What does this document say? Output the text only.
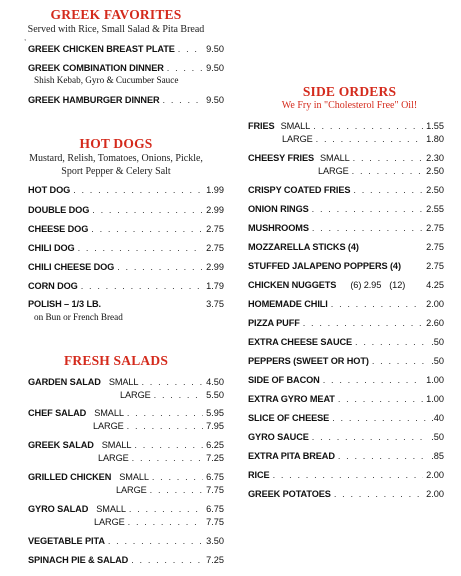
GREEK FAVORITES
Served with Rice, Small Salad & Pita Bread
,
GREEK CHICKEN BREAST PLATE . . .	9.50
GREEK COMBINATION DINNER . . .	9.50
Shish Kebab, Gyro & Cucumber Sauce
GREEK HAMBURGER DINNER . . .	9.50
HOT DOGS
Mustard, Relish, Tomatoes, Onions, Pickle,
Sport Pepper & Celery Salt
HOT DOG . . .	1.99
DOUBLE DOG . . .	2.99
CHEESE DOG . . .	2.75
CHILI DOG . . .	2.75
CHILI CHEESE DOG . . .	2.99
CORN DOG . . .	1.79
POLISH – 1/3 LB.	3.75
on Bun or French Bread
FRESH SALADS
GARDEN SALAD SMALL . . .	4.50
LARGE . . .	5.50
CHEF SALAD SMALL . . .	5.95
LARGE . . .	7.95
GREEK SALAD SMALL . . .	6.25
LARGE . . .	7.25
GRILLED CHICKEN SMALL . . .	6.75
LARGE . . .	7.75
GYRO SALAD SMALL . . .	6.75
LARGE . . .	7.75
VEGETABLE PITA . . .	3.50
SPINACH PIE & SALAD . . .	7.25
SIDE ORDERS
We Fry in "Cholesterol Free" Oil!
FRIES SMALL . . .	1.55
LARGE . . .	1.80
CHEESY FRIES SMALL . . .	2.30
LARGE . . .	2.50
CRISPY COATED FRIES . . .	2.50
ONION RINGS . . .	2.55
MUSHROOMS . . .	2.75
MOZZARELLA STICKS (4)	2.75
STUFFED JALAPENO POPPERS (4)	2.75
CHICKEN NUGGETS (6) 2.95 (12) 4.25
HOMEMADE CHILI . . .	2.00
PIZZA PUFF . . .	2.60
EXTRA CHEESE SAUCE . . .	.50
PEPPERS (SWEET OR HOT) . . .	.50
SIDE OF BACON . . .	1.00
EXTRA GYRO MEAT . . .	1.00
SLICE OF CHEESE . . .	.40
GYRO SAUCE . . .	.50
EXTRA PITA BREAD . . .	.85
RICE . . .	2.00
GREEK POTATOES . . .	2.00
